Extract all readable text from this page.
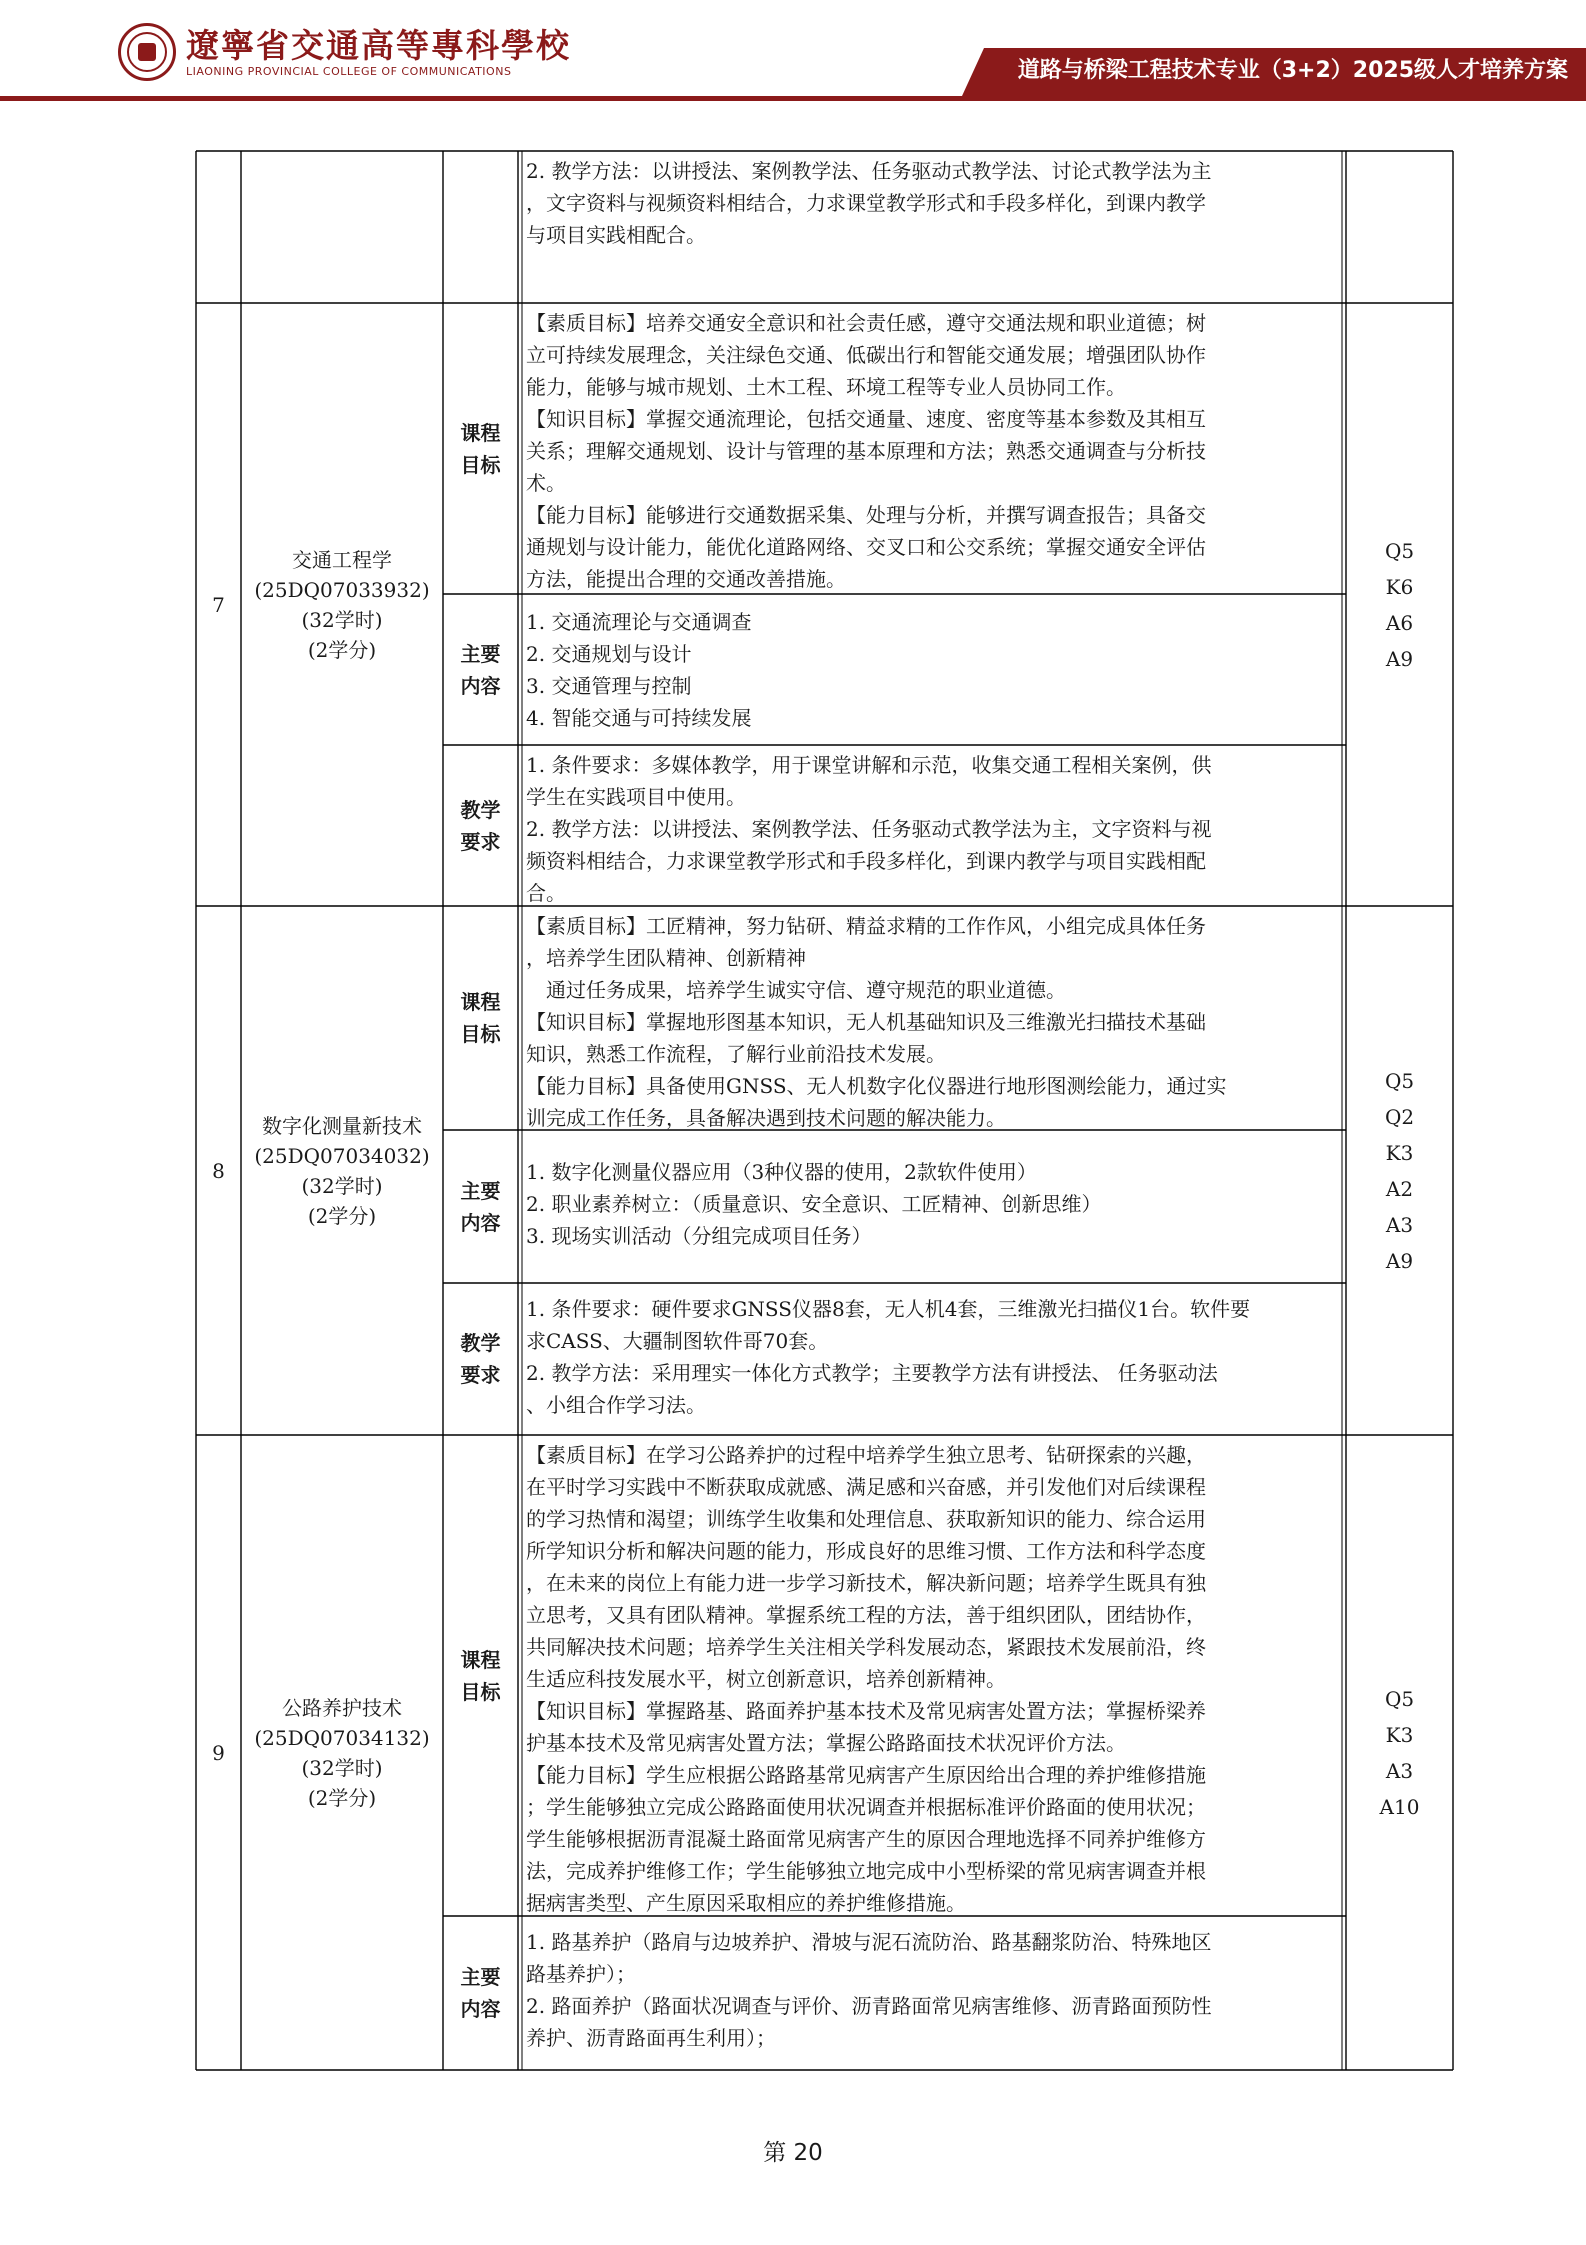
遼寧省交通高等專科學校
LIAONING PROVINCIAL COLLEGE OF COMMUNICATIONS	道路与桥梁工程技术专业（3+2）2025级人才培养方案
2. 教学方法：以讲授法、案例教学法、任务驱动式教学法、讨论式教学法为主
，文字资料与视频资料相结合，力求课堂教学形式和手段多样化，到课内教学
与项目实践相配合。
7
交通工程学
(25DQ07033932)
(32学时)
(2学分)
课程
目标
【素质目标】培养交通安全意识和社会责任感，遵守交通法规和职业道德；树
立可持续发展理念，关注绿色交通、低碳出行和智能交通发展；增强团队协作
能力，能够与城市规划、土木工程、环境工程等专业人员协同工作。
【知识目标】掌握交通流理论，包括交通量、速度、密度等基本参数及其相互
关系；理解交通规划、设计与管理的基本原理和方法；熟悉交通调查与分析技
术。
【能力目标】能够进行交通数据采集、处理与分析，并撰写调查报告；具备交
通规划与设计能力，能优化道路网络、交叉口和公交系统；掌握交通安全评估
方法，能提出合理的交通改善措施。
主要
内容
1. 交通流理论与交通调查
2. 交通规划与设计
3. 交通管理与控制
4. 智能交通与可持续发展
教学
要求
1. 条件要求：多媒体教学，用于课堂讲解和示范，收集交通工程相关案例，供
学生在实践项目中使用。
2. 教学方法：以讲授法、案例教学法、任务驱动式教学法为主，文字资料与视
频资料相结合，力求课堂教学形式和手段多样化，到课内教学与项目实践相配
合。
Q5
K6
A6
A9
8
数字化测量新技术
(25DQ07034032)
(32学时)
(2学分)
课程
目标
【素质目标】工匠精神，努力钻研、精益求精的工作作风，小组完成具体任务
，培养学生团队精神、创新精神
　通过任务成果，培养学生诚实守信、遵守规范的职业道德。
【知识目标】掌握地形图基本知识，无人机基础知识及三维激光扫描技术基础
知识，熟悉工作流程，了解行业前沿技术发展。
【能力目标】具备使用GNSS、无人机数字化仪器进行地形图测绘能力，通过实
训完成工作任务，具备解决遇到技术问题的解决能力。
主要
内容
1. 数字化测量仪器应用（3种仪器的使用，2款软件使用）
2. 职业素养树立：（质量意识、安全意识、工匠精神、创新思维）
3. 现场实训活动（分组完成项目任务）
教学
要求
1. 条件要求：硬件要求GNSS仪器8套，无人机4套，三维激光扫描仪1台。软件要
求CASS、大疆制图软件哥70套。
2. 教学方法：采用理实一体化方式教学；主要教学方法有讲授法、 任务驱动法
、小组合作学习法。
Q5
Q2
K3
A2
A3
A9
9
公路养护技术
(25DQ07034132)
(32学时)
(2学分)
课程
目标
【素质目标】在学习公路养护的过程中培养学生独立思考、钻研探索的兴趣，
在平时学习实践中不断获取成就感、满足感和兴奋感，并引发他们对后续课程
的学习热情和渴望；训练学生收集和处理信息、获取新知识的能力、综合运用
所学知识分析和解决问题的能力，形成良好的思维习惯、工作方法和科学态度
，在未来的岗位上有能力进一步学习新技术，解决新问题；培养学生既具有独
立思考，又具有团队精神。掌握系统工程的方法，善于组织团队，团结协作，
共同解决技术问题；培养学生关注相关学科发展动态，紧跟技术发展前沿，终
生适应科技发展水平，树立创新意识，培养创新精神。
【知识目标】掌握路基、路面养护基本技术及常见病害处置方法；掌握桥梁养
护基本技术及常见病害处置方法；掌握公路路面技术状况评价方法。
【能力目标】学生应根据公路路基常见病害产生原因给出合理的养护维修措施
；学生能够独立完成公路路面使用状况调查并根据标准评价路面的使用状况；
学生能够根据沥青混凝土路面常见病害产生的原因合理地选择不同养护维修方
法，完成养护维修工作；学生能够独立地完成中小型桥梁的常见病害调查并根
据病害类型、产生原因采取相应的养护维修措施。
主要
内容
1. 路基养护（路肩与边坡养护、滑坡与泥石流防治、路基翻浆防治、特殊地区
路基养护）；
2. 路面养护（路面状况调查与评价、沥青路面常见病害维修、沥青路面预防性
养护、沥青路面再生利用）；
Q5
K3
A3
A10
第 20
